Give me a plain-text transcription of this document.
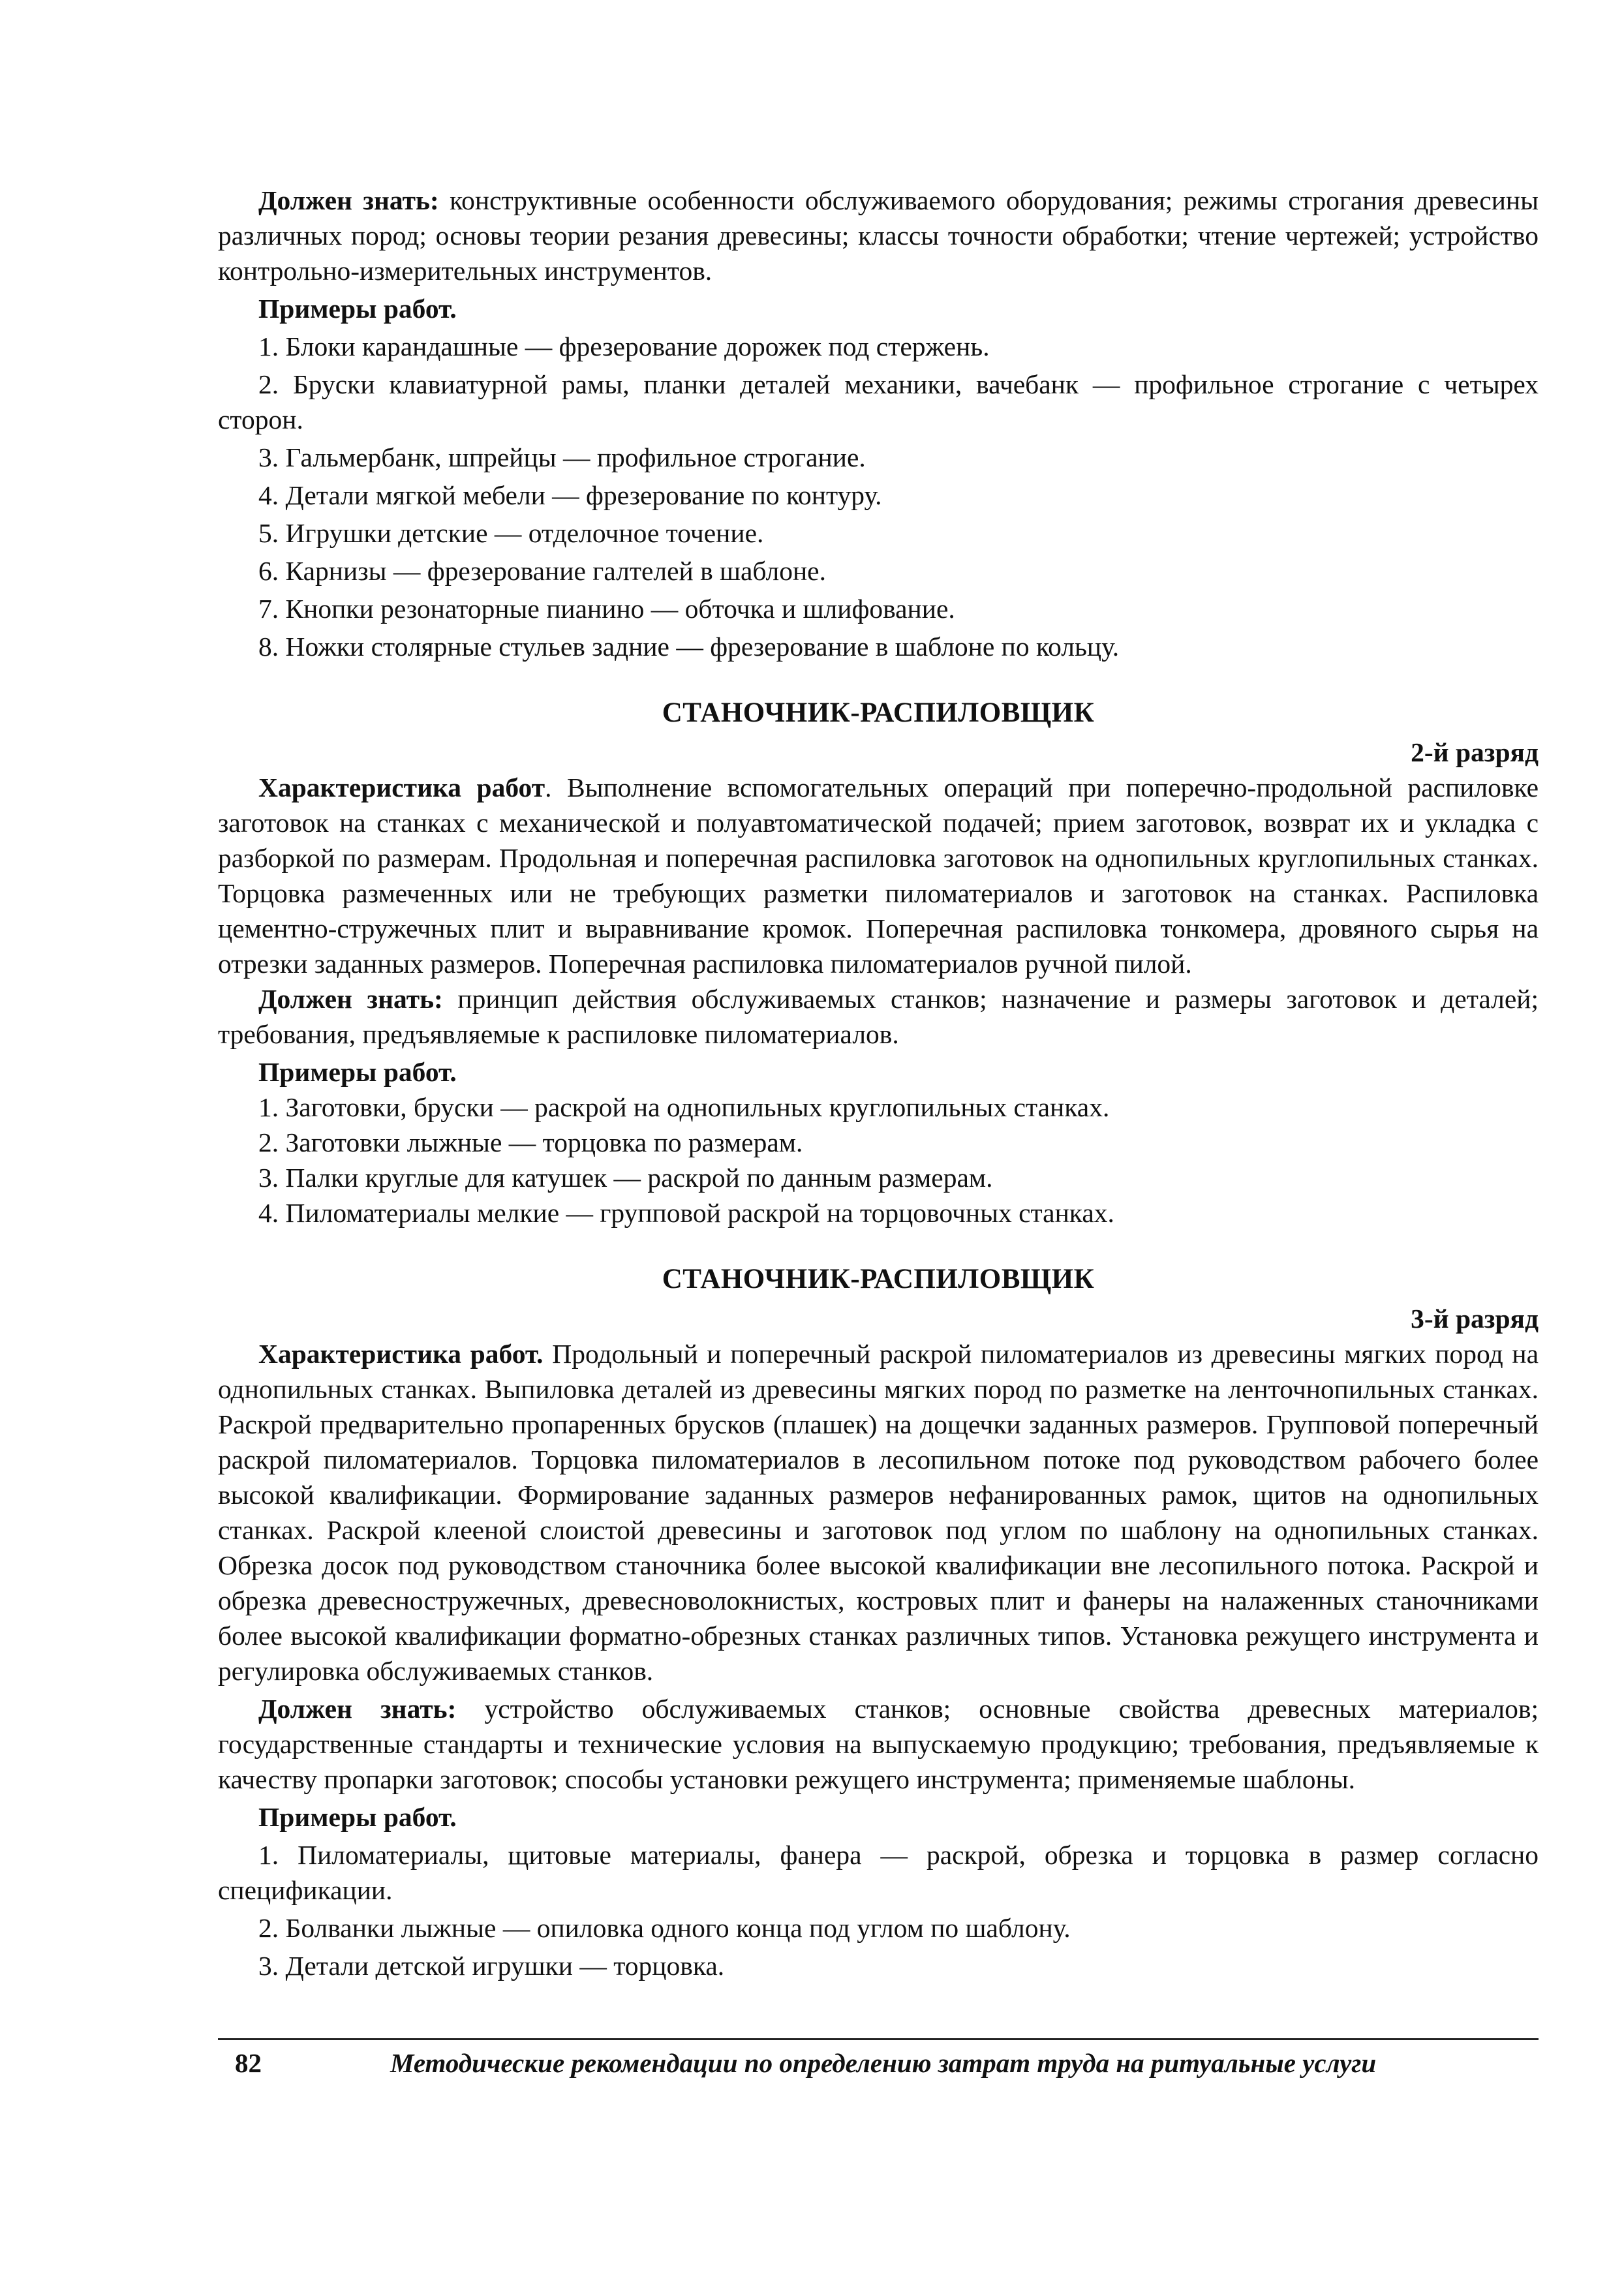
Должен знать: конструктивные особенности обслуживаемого оборудования; режимы строгания древесины различных пород; основы теории резания древесины; классы точности обработки; чтение чертежей; устройство контрольно-измерительных инструментов.

Примеры работ.

1. Блоки карандашные — фрезерование дорожек под стержень.

2. Бруски клавиатурной рамы, планки деталей механики, вачебанк — профильное строгание с четырех сторон.

3. Гальмербанк, шпрейцы — профильное строгание.

4. Детали мягкой мебели — фрезерование по контуру.

5. Игрушки детские — отделочное точение.

6. Карнизы — фрезерование галтелей в шаблоне.

7. Кнопки резонаторные пианино — обточка и шлифование.

8. Ножки столярные стульев задние — фрезерование в шаблоне по кольцу.

СТАНОЧНИК-РАСПИЛОВЩИК

2-й разряд

Характеристика работ. Выполнение вспомогательных операций при поперечно-продольной распиловке заготовок на станках с механической и полуавтоматической подачей; прием заготовок, возврат их и укладка с разборкой по размерам. Продольная и поперечная распиловка заготовок на однопильных круглопильных станках. Торцовка размеченных или не требующих разметки пиломатериалов и заготовок на станках. Распиловка цементно-стружечных плит и выравнивание кромок. Поперечная распиловка тонкомера, дровяного сырья на отрезки заданных размеров. Поперечная распиловка пиломатериалов ручной пилой.

Должен знать: принцип действия обслуживаемых станков; назначение и размеры заготовок и деталей; требования, предъявляемые к распиловке пиломатериалов.

Примеры работ.

1. Заготовки, бруски — раскрой на однопильных круглопильных станках.

2. Заготовки лыжные — торцовка по размерам.

3. Палки круглые для катушек — раскрой по данным размерам.

4. Пиломатериалы мелкие — групповой раскрой на торцовочных станках.

СТАНОЧНИК-РАСПИЛОВЩИК

3-й разряд

Характеристика работ. Продольный и поперечный раскрой пиломатериалов из древесины мягких пород на однопильных станках. Выпиловка деталей из древесины мягких пород по разметке на ленточнопильных станках. Раскрой предварительно пропаренных брусков (плашек) на дощечки заданных размеров. Групповой поперечный раскрой пиломатериалов. Торцовка пиломатериалов в лесопильном потоке под руководством рабочего более высокой квалификации. Формирование заданных размеров нефанированных рамок, щитов на однопильных станках. Раскрой клееной слоистой древесины и заготовок под углом по шаблону на однопильных станках. Обрезка досок под руководством станочника более высокой квалификации вне лесопильного потока. Раскрой и обрезка древесностружечных, древесноволокнистых, костровых плит и фанеры на налаженных станочниками более высокой квалификации форматно-обрезных станках различных типов. Установка режущего инструмента и регулировка обслуживаемых станков.

Должен знать: устройство обслуживаемых станков; основные свойства древесных материалов; государственные стандарты и технические условия на выпускаемую продукцию; требования, предъявляемые к качеству пропарки заготовок; способы установки режущего инструмента; применяемые шаблоны.

Примеры работ.

1. Пиломатериалы, щитовые материалы, фанера — раскрой, обрезка и торцовка в размер согласно спецификации.

2. Болванки лыжные — опиловка одного конца под углом по шаблону.

3. Детали детской игрушки — торцовка.

82	Методические рекомендации по определению затрат труда на ритуальные услуги
